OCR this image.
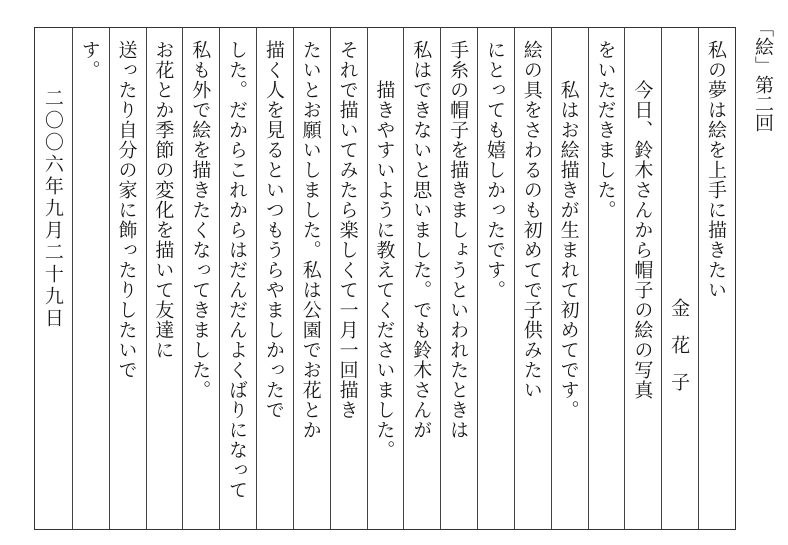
「絵」第二回
私の夢は絵を上手に描きたい
金花子
今日、鈴木さんから帽子の絵の写真
をいただきました。
私はお絵描きが生まれて初めてです。
絵の具をさわるのも初めてで子供みたい
にとっても嬉しかったです。
手糸の帽子を描きましょうといわれたときは
私はできないと思いました。でも鈴木さんが
描きやすいように教えてくださいました。
それで描いてみたら楽しくて一月一回描き
たいとお願いしました。私は公園でお花とか
描く人を見るといつもうらやましかったで
した。だからこれからはだんだんよくばりになって
私も外で絵を描きたくなってきました。
お花とか季節の変化を描いて友達に
送ったり自分の家に飾ったりしたいで
す。
二〇〇六年九月二十九日
